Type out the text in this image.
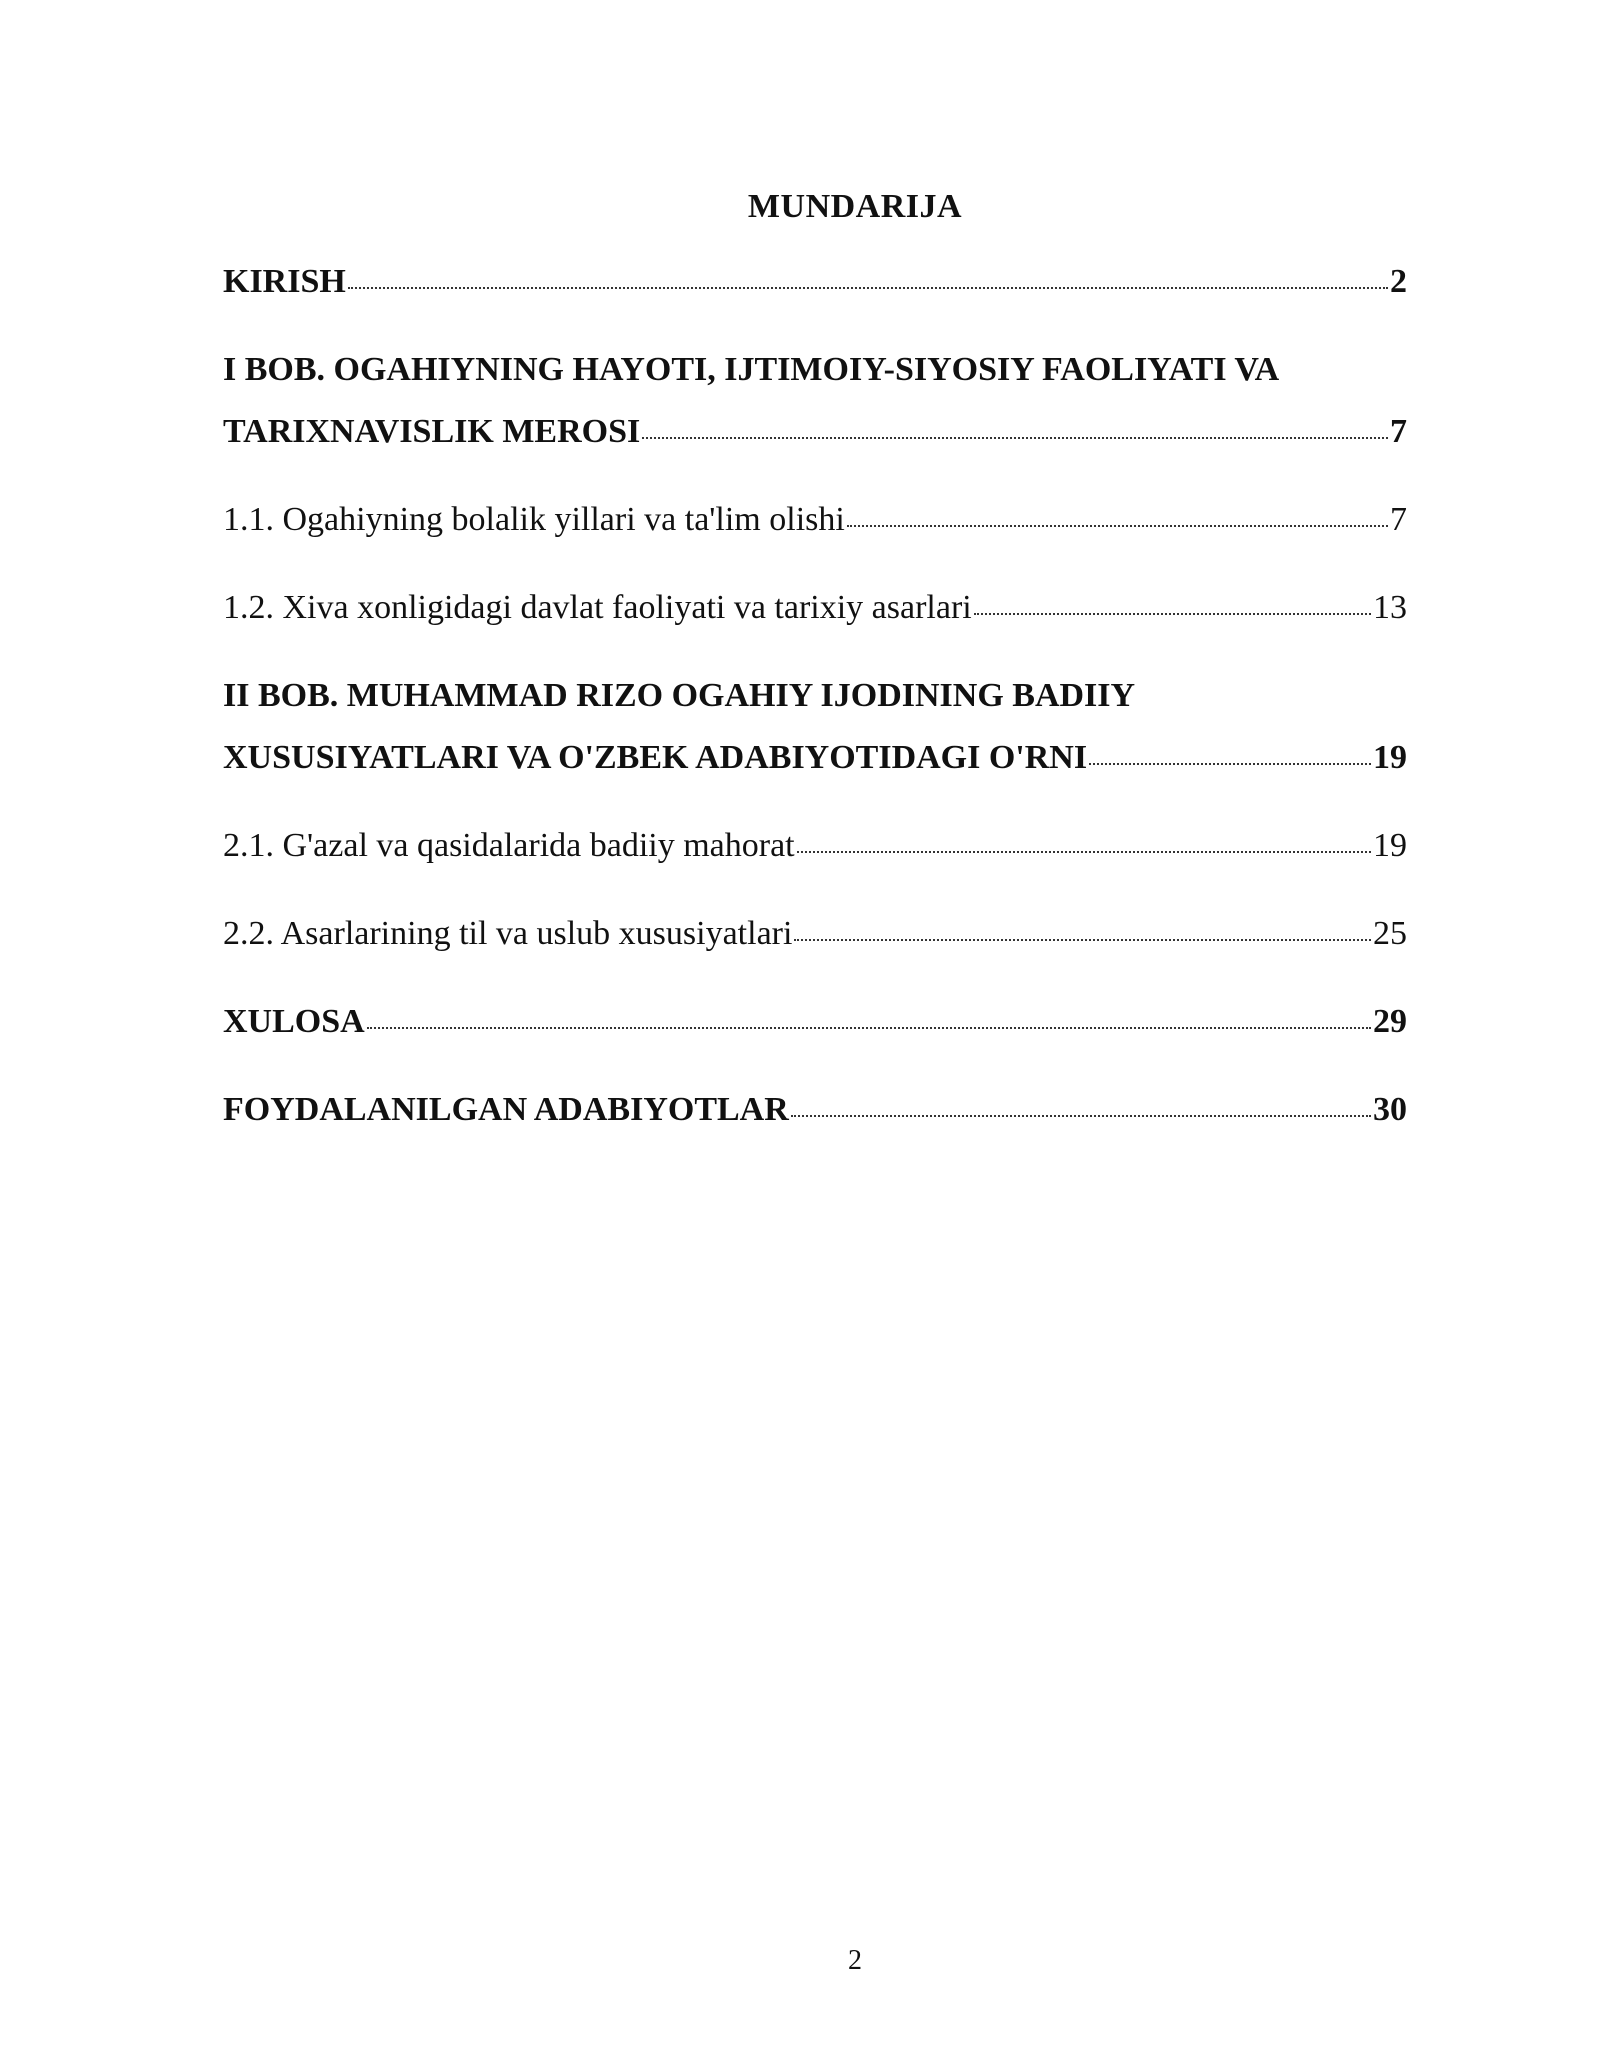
MUNDARIJA
KIRISH	2
I BOB. OGAHIYNING HAYOTI, IJTIMOIY-SIYOSIY FAOLIYATI VA
TARIXNAVISLIK MEROSI	7
1.1. Ogahiyning bolalik yillari va ta'lim olishi	7
1.2. Xiva xonligidagi davlat faoliyati va tarixiy asarlari	13
II BOB. MUHAMMAD RIZO OGAHIY IJODINING BADIIY
XUSUSIYATLARI VA O'ZBEK ADABIYOTIDAGI O'RNI	19
2.1. G'azal va qasidalarida badiiy mahorat	19
2.2. Asarlarining til va uslub xususiyatlari	25
XULOSA	29
FOYDALANILGAN ADABIYOTLAR	30
2
